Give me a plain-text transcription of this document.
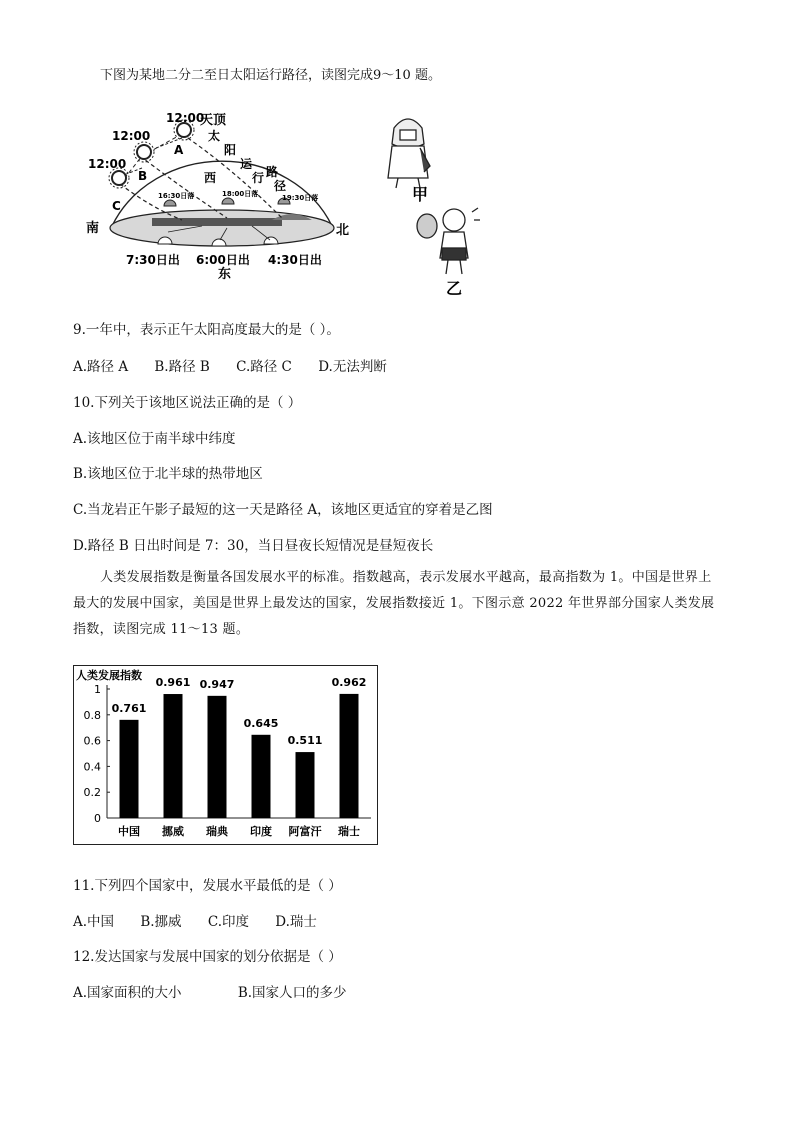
下图为某地二分二至日太阳运行路径，读图完成9～10 题。
12:00
12:00
12:00
A
B
C
天顶
太
阳
运
行 路
径
西
16:30日落	18:00日落	19:30日落
南	北
7:30日出 6:00日出 4:30日出
东
甲
乙
9.一年中，表示正午太阳高度最大的是（ ）。
A.路径 A B.路径 B C.路径 C D.无法判断
10.下列关于该地区说法正确的是（ ）
A.该地区位于南半球中纬度
B.该地区位于北半球的热带地区
C.当龙岩正午影子最短的这一天是路径 A，该地区更适宜的穿着是乙图
D.路径 B 日出时间是 7：30，当日昼夜长短情况是昼短夜长
人类发展指数是衡量各国发展水平的标准。指数越高，表示发展水平越高，最高指数为 1。中国是世界上最大的发展中国家，美国是世界上最发达的国家，发展指数接近 1。下图示意 2022 年世界部分国家人类发展指数，读图完成 11～13 题。
人类发展指数
0
0.2
0.4
0.6
0.8
1
0.761
0.961 0.947
0.645
0.511
0.962
中国 挪威 瑞典 印度 阿富汗 瑞士
11.下列四个国家中，发展水平最低的是（ ）
A.中国 B.挪威 C.印度 D.瑞士
12.发达国家与发展中国家的划分依据是（ ）
A.国家面积的大小	B.国家人口的多少
